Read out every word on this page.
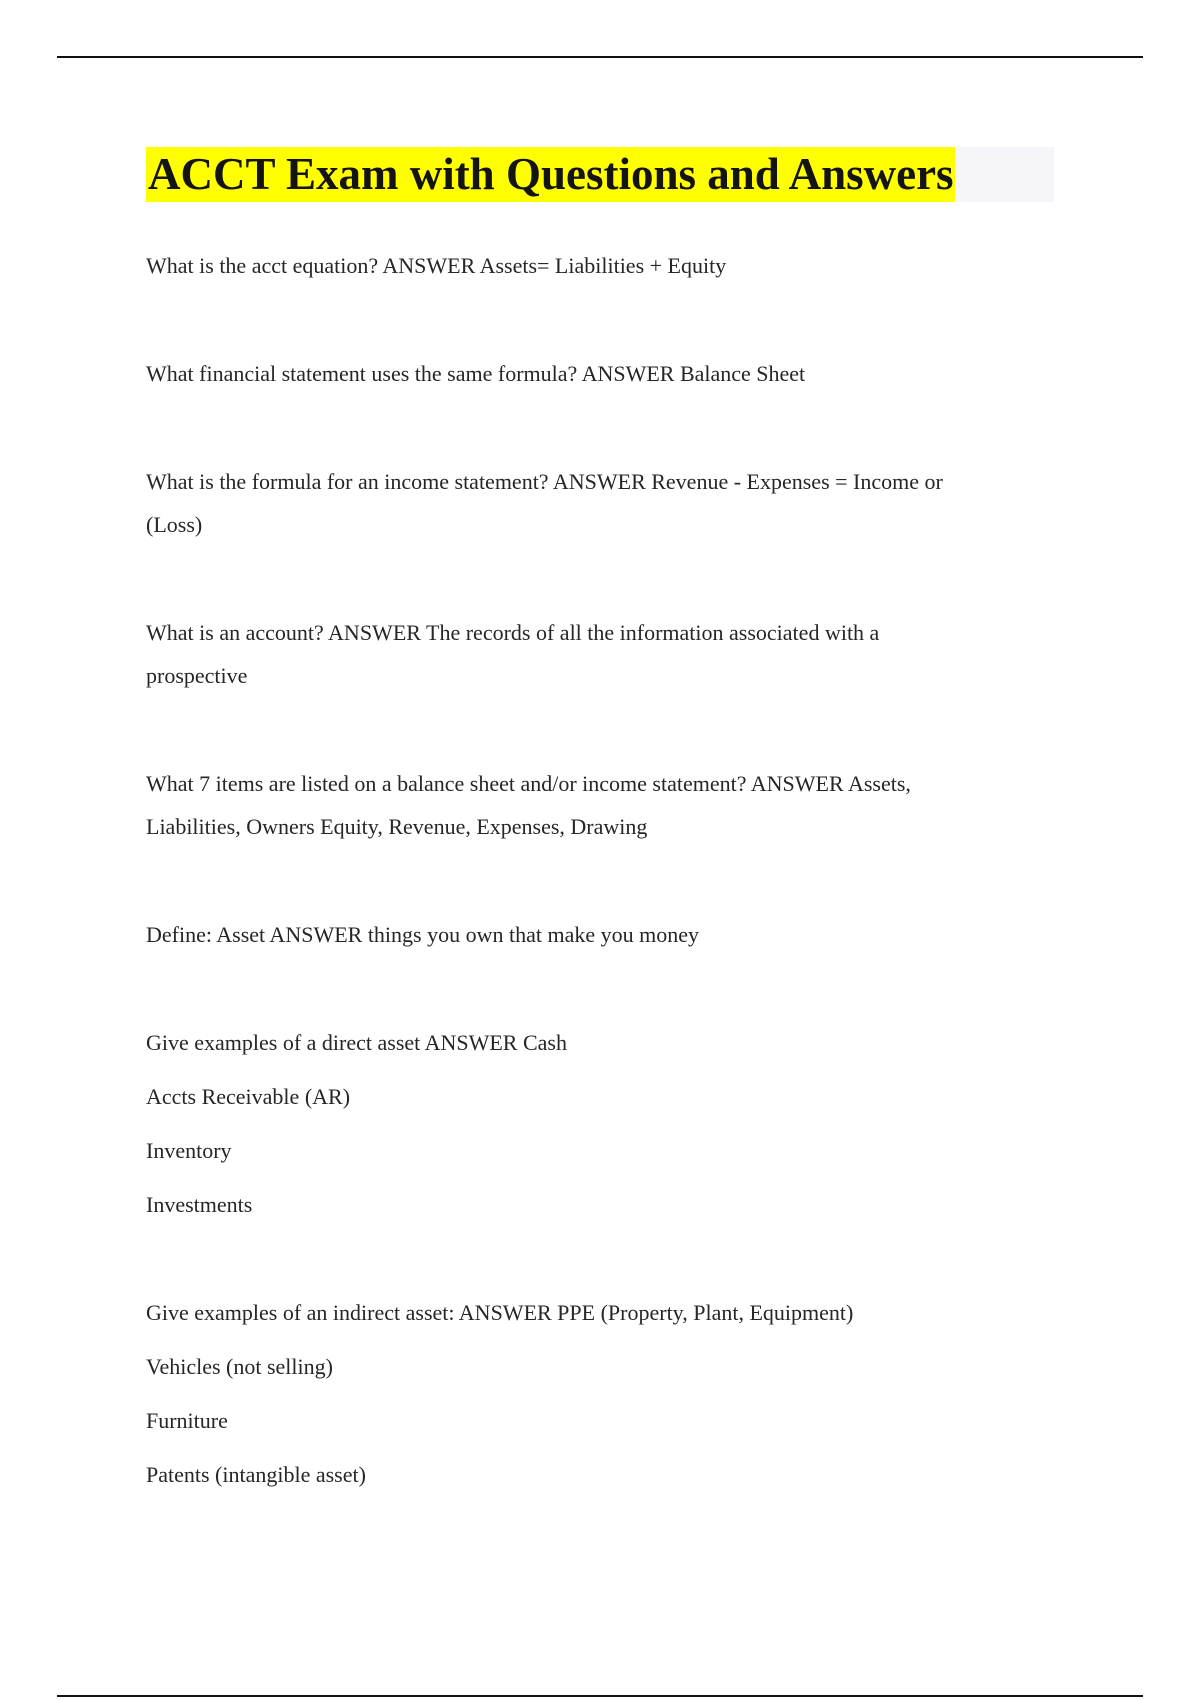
ACCT Exam with Questions and Answers
What is the acct equation? ANSWER Assets= Liabilities + Equity
What financial statement uses the same formula? ANSWER Balance Sheet
What is the formula for an income statement? ANSWER Revenue - Expenses = Income or
(Loss)
What is an account? ANSWER The records of all the information associated with a
prospective
What 7 items are listed on a balance sheet and/or income statement? ANSWER Assets,
Liabilities, Owners Equity, Revenue, Expenses, Drawing
Define: Asset ANSWER things you own that make you money
Give examples of a direct asset ANSWER Cash
Accts Receivable (AR)
Inventory
Investments
Give examples of an indirect asset: ANSWER PPE (Property, Plant, Equipment)
Vehicles (not selling)
Furniture
Patents (intangible asset)
